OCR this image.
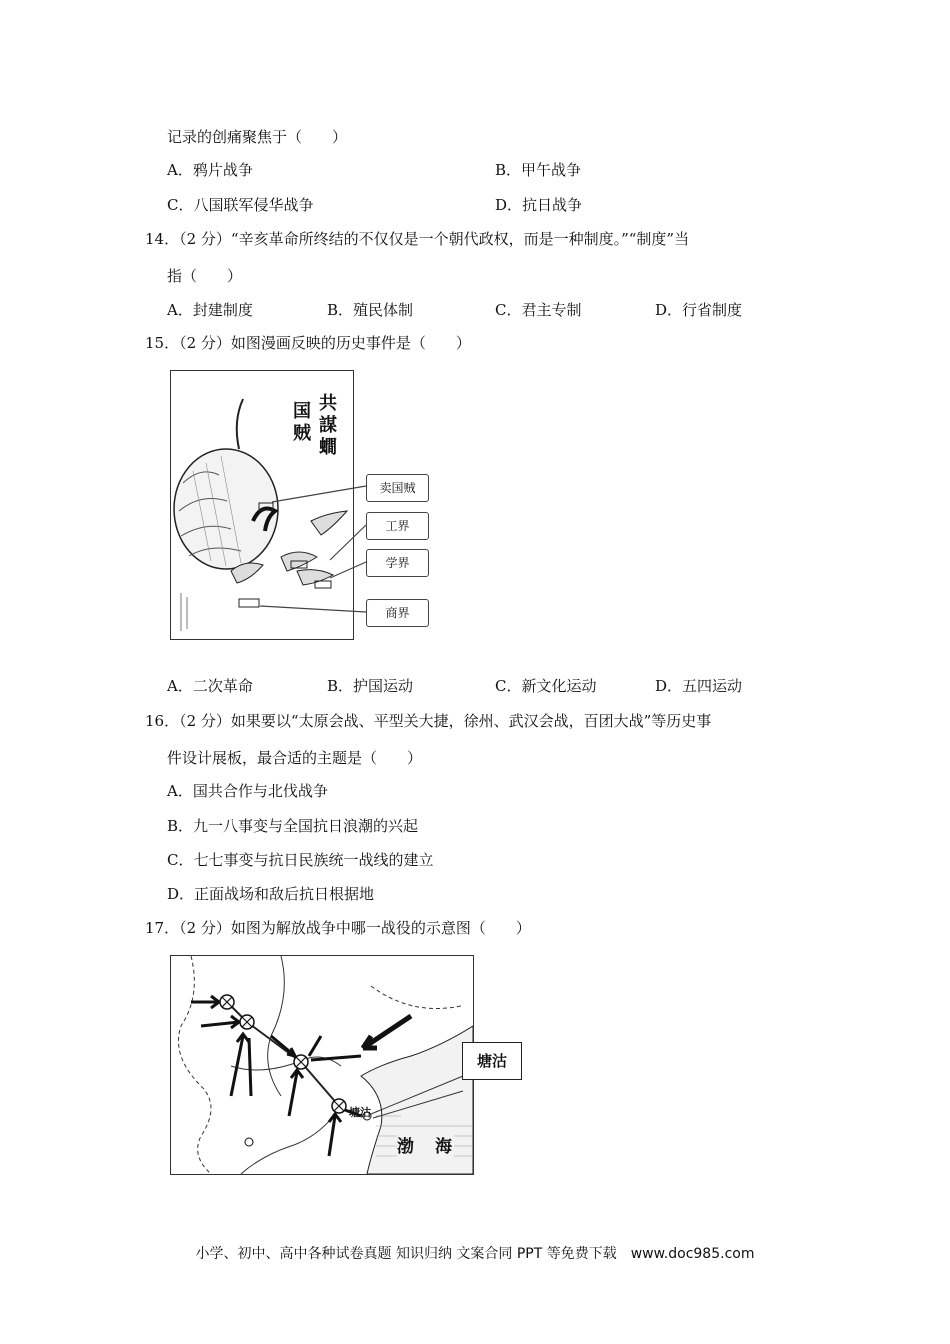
记录的创痛聚焦于（　　）
A．鸦片战争	B．甲午战争
C．八国联军侵华战争	D．抗日战争
14．（2 分）“辛亥革命所终结的不仅仅是一个朝代政权，而是一种制度。”“制度”当
指（　　）
A．封建制度	B．殖民体制	C．君主专制	D．行省制度
15．（2 分）如图漫画反映的历史事件是（　　）
共
謀
𧒄
国
贼
卖国贼
工界
学界
商界
A．二次革命	B．护国运动	C．新文化运动	D．五四运动
16．（2 分）如果要以“太原会战、平型关大捷，徐州、武汉会战，百团大战”等历史事
件设计展板，最合适的主题是（　　）
A．国共合作与北伐战争
B．九一八事变与全国抗日浪潮的兴起
C．七七事变与抗日民族统一战线的建立
D．正面战场和敌后抗日根据地
17．（2 分）如图为解放战争中哪一战役的示意图（　　）
塘沽
渤　海
塘沽
小学、初中、高中各种试卷真题 知识归纳 文案合同 PPT 等免费下载　www.doc985.com
